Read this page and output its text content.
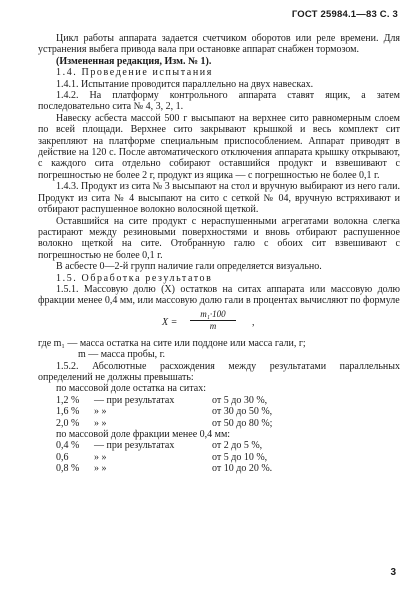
ГОСТ 25984.1—83 С. 3

Цикл работы аппарата задается счетчиком оборотов или реле времени. Для устранения выбега привода вала при остановке аппарат снабжен тормозом.

(Измененная редакция, Изм. № 1).

1.4. Проведение испытания

1.4.1. Испытание проводится параллельно на двух навесках.

1.4.2. На платформу контрольного аппарата ставят ящик, а затем последовательно сита № 4, 3, 2, 1.

Навеску асбеста массой 500 г высыпают на верхнее сито равномерным слоем по всей площади. Верхнее сито закрывают крышкой и весь комплект сит закрепляют на платформе специальным приспособлением. Аппарат приводят в действие на 120 с. После автоматического отключения аппарата крышку открывают, с каждого сита отдельно собирают оставшийся продукт и взвешивают с погрешностью не более 2 г, продукт из ящика — с погрешностью не более 0,1 г.

1.4.3. Продукт из сита № 3 высыпают на стол и вручную выбирают из него гали. Продукт из сита № 4 высыпают на сито с сеткой № 04, вручную встряхивают и отбирают распушенное волокно волосяной щеткой.

Оставшийся на сите продукт с нераспушенными агрегатами волокна слегка растирают между резиновыми поверхностями и вновь отбирают распушенное волокно щеткой на сите. Отобранную галю с обоих сит взвешивают с погрешностью не более 0,1 г.

В асбесте 0—2-й групп наличие гали определяется визуально.

1.5. Обработка результатов

1.5.1. Массовую долю (X) остатков на ситах аппарата или массовую долю фракции менее 0,4 мм, или массовую долю гали в процентах вычисляют по формуле

$X = \frac{\text{m₁·100}}{m}$ ,

где m₁ — масса остатка на сите или поддоне или масса гали, г;

m — масса пробы, г.

1.5.2. Абсолютные расхождения между результатами параллельных определений не должны превышать:

по массовой доле остатка на ситах:

1,2 %	— при результатах	от 5 до 30 %,
1,6 %	» »	от 30 до 50 %,
2,0 %	» »	от 50 до 80 %;

по массовой доле фракции менее 0,4 мм:

0,4 %	— при результатах	от 2 до 5 %,
0,6	» »	от 5 до 10 %,
0,8 %	» »	от 10 до 20 %.
3
